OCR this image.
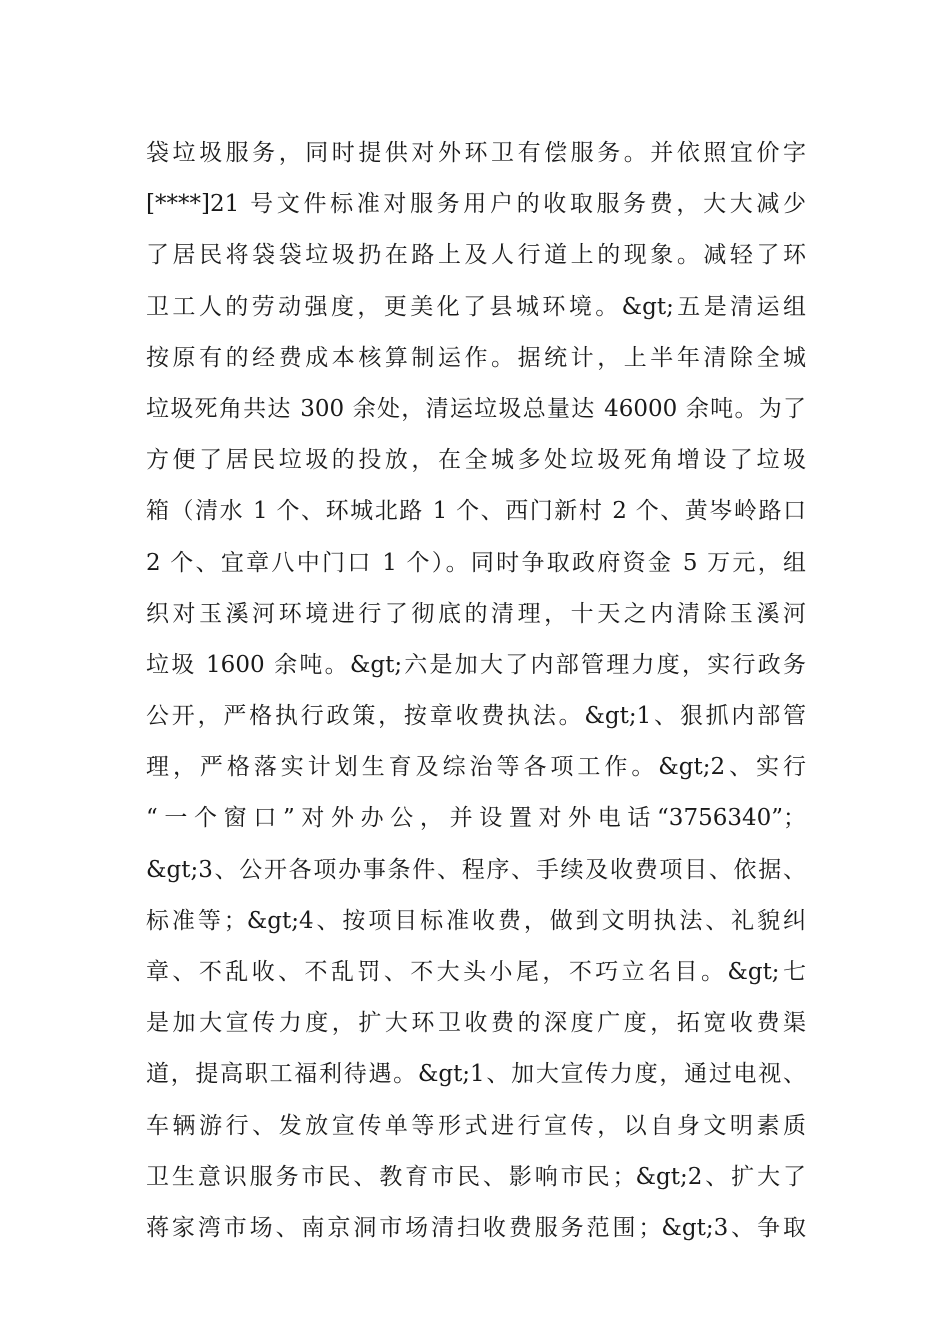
袋垃圾服务，同时提供对外环卫有偿服务。并依照宜价字
[****]21 号文件标准对服务用户的收取服务费，大大减少
了居民将袋袋垃圾扔在路上及人行道上的现象。减轻了环
卫工人的劳动强度，更美化了县城环境。&gt;五是清运组
按原有的经费成本核算制运作。据统计，上半年清除全城
垃圾死角共达 300 余处，清运垃圾总量达 46000 余吨。为了
方便了居民垃圾的投放，在全城多处垃圾死角增设了垃圾
箱（清水 1 个、环城北路 1 个、西门新村 2 个、黄岑岭路口
2 个、宜章八中门口 1 个）。同时争取政府资金 5 万元，组
织对玉溪河环境进行了彻底的清理，十天之内清除玉溪河
垃圾 1600 余吨。&gt;六是加大了内部管理力度，实行政务
公开，严格执行政策，按章收费执法。&gt;1、狠抓内部管
理，严格落实计划生育及综治等各项工作。&gt;2、实行
“一个窗口”对外办公，并设置对外电话“3756340”；
&gt;3、公开各项办事条件、程序、手续及收费项目、依据、
标准等；&gt;4、按项目标准收费，做到文明执法、礼貌纠
章、不乱收、不乱罚、不大头小尾，不巧立名目。&gt;七
是加大宣传力度，扩大环卫收费的深度广度，拓宽收费渠
道，提高职工福利待遇。&gt;1、加大宣传力度，通过电视、
车辆游行、发放宣传单等形式进行宣传，以自身文明素质
卫生意识服务市民、教育市民、影响市民；&gt;2、扩大了
蒋家湾市场、南京洞市场清扫收费服务范围；&gt;3、争取
